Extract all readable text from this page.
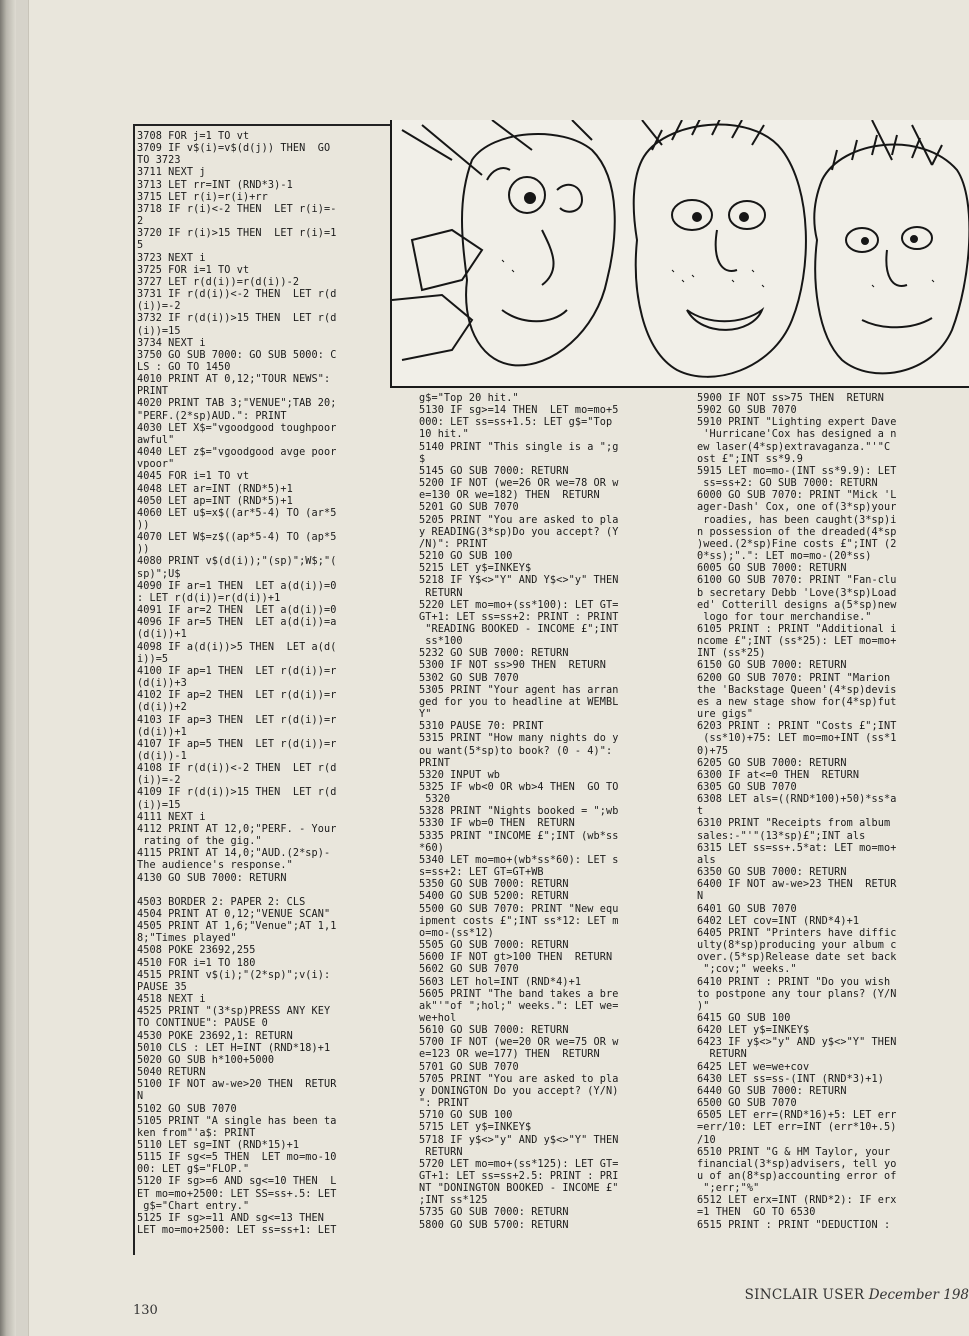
3708 FOR j=1 TO vt
3709 IF v$(i)=v$(d(j)) THEN  GO
TO 3723
3711 NEXT j
3713 LET rr=INT (RND*3)-1
3715 LET r(i)=r(i)+rr
3718 IF r(i)<-2 THEN  LET r(i)=-
2
3720 IF r(i)>15 THEN  LET r(i)=1
5
3723 NEXT i
3725 FOR i=1 TO vt
3727 LET r(d(i))=r(d(i))-2
3731 IF r(d(i))<-2 THEN  LET r(d
(i))=-2
3732 IF r(d(i))>15 THEN  LET r(d
(i))=15
3734 NEXT i
3750 GO SUB 7000: GO SUB 5000: C
LS : GO TO 1450
4010 PRINT AT 0,12;"TOUR NEWS":
PRINT
4020 PRINT TAB 3;"VENUE";TAB 20;
"PERF.(2*sp)AUD.": PRINT
4030 LET X$="vgoodgood toughpoor
awful"
4040 LET z$="vgoodgood avge poor
vpoor"
4045 FOR i=1 TO vt
4048 LET ar=INT (RND*5)+1
4050 LET ap=INT (RND*5)+1
4060 LET u$=x$((ar*5-4) TO (ar*5
))
4070 LET W$=z$((ap*5-4) TO (ap*5
))
4080 PRINT v$(d(i));"(sp)";W$;"(
sp)";U$
4090 IF ar=1 THEN  LET a(d(i))=0
: LET r(d(i))=r(d(i))+1
4091 IF ar=2 THEN  LET a(d(i))=0
4096 IF ar=5 THEN  LET a(d(i))=a
(d(i))+1
4098 IF a(d(i))>5 THEN  LET a(d(
i))=5
4100 IF ap=1 THEN  LET r(d(i))=r
(d(i))+3
4102 IF ap=2 THEN  LET r(d(i))=r
(d(i))+2
4103 IF ap=3 THEN  LET r(d(i))=r
(d(i))+1
4107 IF ap=5 THEN  LET r(d(i))=r
(d(i))-1
4108 IF r(d(i))<-2 THEN  LET r(d
(i))=-2
4109 IF r(d(i))>15 THEN  LET r(d
(i))=15
4111 NEXT i
4112 PRINT AT 12,0;"PERF. - Your
rating of the gig."
4115 PRINT AT 14,0;"AUD.(2*sp)-
The audience's response."
4130 GO SUB 7000: RETURN

4503 BORDER 2: PAPER 2: CLS
4504 PRINT AT 0,12;"VENUE SCAN"
4505 PRINT AT 1,6;"Venue";AT 1,1
8;"Times played"
4508 POKE 23692,255
4510 FOR i=1 TO 180
4515 PRINT v$(i);"(2*sp)";v(i):
PAUSE 35
4518 NEXT i
4525 PRINT "(3*sp)PRESS ANY KEY
TO CONTINUE": PAUSE 0
4530 POKE 23692,1: RETURN
5010 CLS : LET H=INT (RND*18)+1
5020 GO SUB h*100+5000
5040 RETURN
5100 IF NOT aw-we>20 THEN  RETUR
N
5102 GO SUB 7070
5105 PRINT "A single has been ta
ken from"'a$: PRINT
5110 LET sg=INT (RND*15)+1
5115 IF sg<=5 THEN  LET mo=mo-10
00: LET g$="FLOP."
5120 IF sg>=6 AND sg<=10 THEN  L
ET mo=mo+2500: LET SS=ss+.5: LET
g$="Chart entry."
5125 IF sg>=11 AND sg<=13 THEN
LET mo=mo+2500: LET ss=ss+1: LET
g$="Top 20 hit."
5130 IF sg>=14 THEN  LET mo=mo+5
000: LET ss=ss+1.5: LET g$="Top
10 hit."
5140 PRINT "This single is a ";g
$
5145 GO SUB 7000: RETURN
5200 IF NOT (we=26 OR we=78 OR w
e=130 OR we=182) THEN  RETURN
5201 GO SUB 7070
5205 PRINT "You are asked to pla
y READING(3*sp)Do you accept? (Y
/N)": PRINT
5210 GO SUB 100
5215 LET y$=INKEY$
5218 IF Y$<>"Y" AND Y$<>"y" THEN
RETURN
5220 LET mo=mo+(ss*100): LET GT=
GT+1: LET ss=ss+2: PRINT : PRINT
"READING BOOKED - INCOME £";INT
ss*100
5232 GO SUB 7000: RETURN
5300 IF NOT ss>90 THEN  RETURN
5302 GO SUB 7070
5305 PRINT "Your agent has arran
ged for you to headline at WEMBL
Y"
5310 PAUSE 70: PRINT
5315 PRINT "How many nights do y
ou want(5*sp)to book? (0 - 4)":
PRINT
5320 INPUT wb
5325 IF wb<0 OR wb>4 THEN  GO TO
5320
5328 PRINT "Nights booked = ";wb
5330 IF wb=0 THEN  RETURN
5335 PRINT "INCOME £";INT (wb*ss
*60)
5340 LET mo=mo+(wb*ss*60): LET s
s=ss+2: LET GT=GT+WB
5350 GO SUB 7000: RETURN
5400 GO SUB 5200: RETURN
5500 GO SUB 7070: PRINT "New equ
ipment costs £";INT ss*12: LET m
o=mo-(ss*12)
5505 GO SUB 7000: RETURN
5600 IF NOT gt>100 THEN  RETURN
5602 GO SUB 7070
5603 LET hol=INT (RND*4)+1
5605 PRINT "The band takes a bre
ak"'"of ";hol;" weeks.": LET we=
we+hol
5610 GO SUB 7000: RETURN
5700 IF NOT (we=20 OR we=75 OR w
e=123 OR we=177) THEN  RETURN
5701 GO SUB 7070
5705 PRINT "You are asked to pla
y DONINGTON Do you accept? (Y/N)
": PRINT
5710 GO SUB 100
5715 LET y$=INKEY$
5718 IF y$<>"y" AND y$<>"Y" THEN
RETURN
5720 LET mo=mo+(ss*125): LET GT=
GT+1: LET ss=ss+2.5: PRINT : PRI
NT "DONINGTON BOOKED - INCOME £"
;INT ss*125
5735 GO SUB 7000: RETURN
5800 GO SUB 5700: RETURN
5900 IF NOT ss>75 THEN  RETURN
5902 GO SUB 7070
5910 PRINT "Lighting expert Dave
'Hurricane'Cox has designed a n
ew laser(4*sp)extravaganza."'"C
ost £";INT ss*9.9
5915 LET mo=mo-(INT ss*9.9): LET
ss=ss+2: GO SUB 7000: RETURN
6000 GO SUB 7070: PRINT "Mick 'L
ager-Dash' Cox, one of(3*sp)your
roadies, has been caught(3*sp)i
n possession of the dreaded(4*sp
)weed.(2*sp)Fine costs £";INT (2
0*ss);".": LET mo=mo-(20*ss)
6005 GO SUB 7000: RETURN
6100 GO SUB 7070: PRINT "Fan-clu
b secretary Debb 'Love(3*sp)Load
ed' Cotterill designs a(5*sp)new
logo for tour merchandise."
6105 PRINT : PRINT "Additional i
ncome £";INT (ss*25): LET mo=mo+
INT (ss*25)
6150 GO SUB 7000: RETURN
6200 GO SUB 7070: PRINT "Marion
the 'Backstage Queen'(4*sp)devis
es a new stage show for(4*sp)fut
ure gigs"
6203 PRINT : PRINT "Costs £";INT
(ss*10)+75: LET mo=mo+INT (ss*1
0)+75
6205 GO SUB 7000: RETURN
6300 IF at<=0 THEN  RETURN
6305 GO SUB 7070
6308 LET als=((RND*100)+50)*ss*a
t
6310 PRINT "Receipts from album
sales:-"'"(13*sp)£";INT als
6315 LET ss=ss+.5*at: LET mo=mo+
als
6350 GO SUB 7000: RETURN
6400 IF NOT aw-we>23 THEN  RETUR
N
6401 GO SUB 7070
6402 LET cov=INT (RND*4)+1
6405 PRINT "Printers have diffic
ulty(8*sp)producing your album c
over.(5*sp)Release date set back
";cov;" weeks."
6410 PRINT : PRINT "Do you wish
to postpone any tour plans? (Y/N
)"
6415 GO SUB 100
6420 LET y$=INKEY$
6423 IF y$<>"y" AND y$<>"Y" THEN
RETURN
6425 LET we=we+cov
6430 LET ss=ss-(INT (RND*3)+1)
6440 GO SUB 7000: RETURN
6500 GO SUB 7070
6505 LET err=(RND*16)+5: LET err
=err/10: LET err=INT (err*10+.5)
/10
6510 PRINT "G & HM Taylor, your
financial(3*sp)advisers, tell yo
u of an(8*sp)accounting error of
";err;"%"
6512 LET erx=INT (RND*2): IF erx
=1 THEN  GO TO 6530
6515 PRINT : PRINT "DEDUCTION :
130
SINCLAIR USER December 198
